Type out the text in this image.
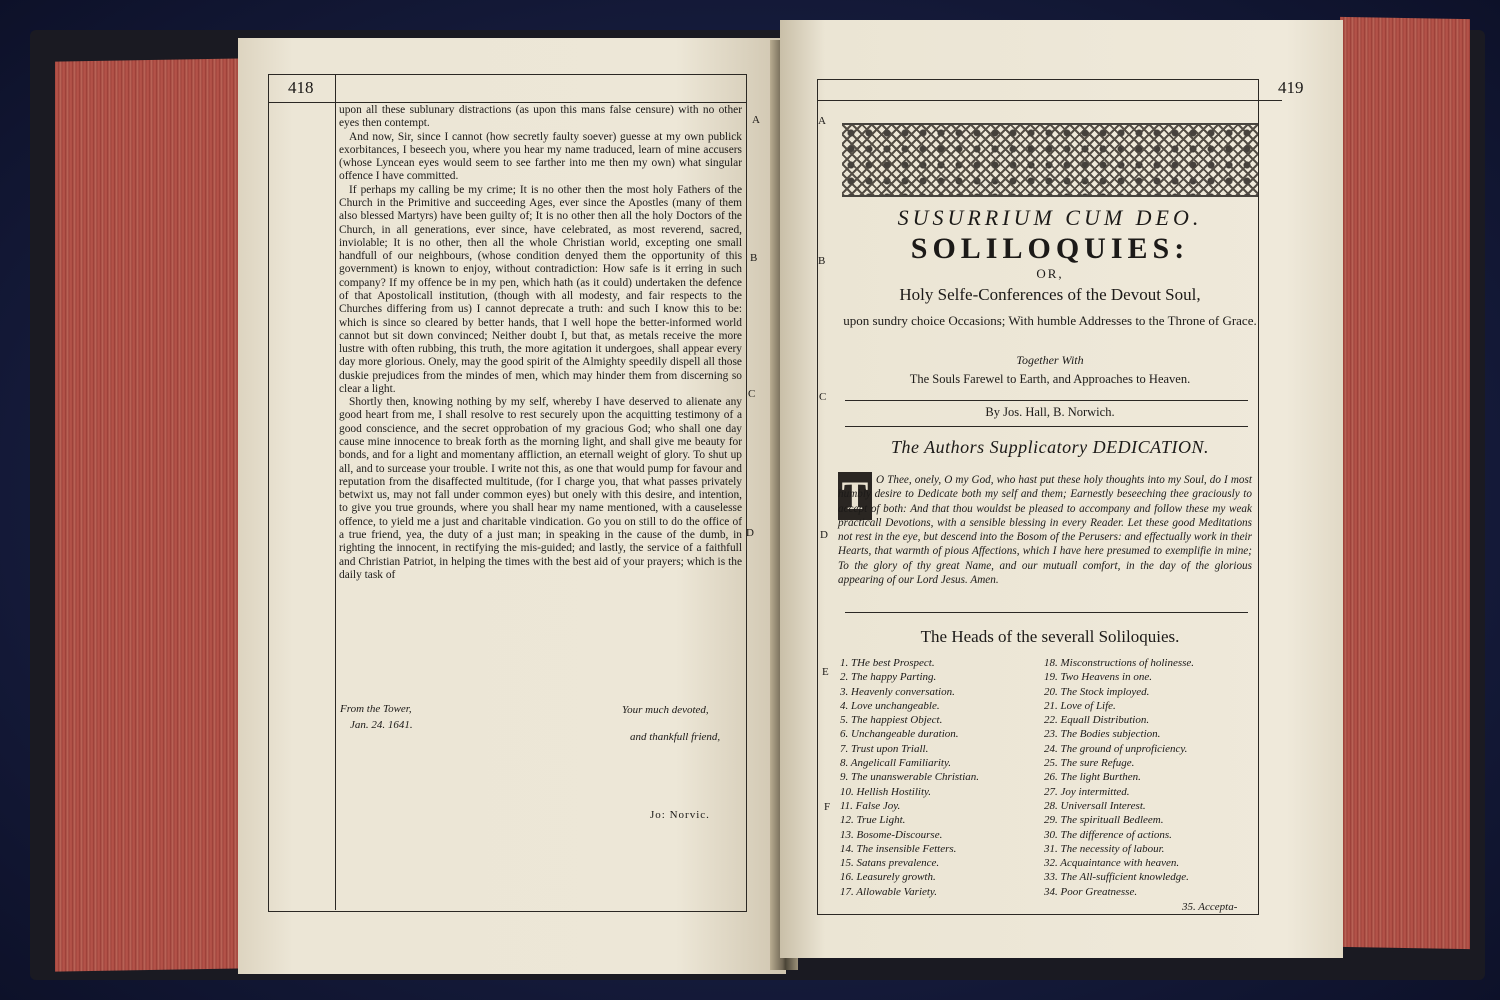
418
A
B
C
D

upon all these sublunary distractions (as upon this mans false censure) with no other eyes then contempt.

And now, Sir, since I cannot (how secretly faulty soever) guesse at my own publick exorbitances, I beseech you, where you hear my name traduced, learn of mine accusers (whose Lyncean eyes would seem to see farther into me then my own) what singular offence I have committed.

If perhaps my calling be my crime; It is no other then the most holy Fathers of the Church in the Primitive and succeeding Ages, ever since the Apostles (many of them also blessed Martyrs) have been guilty of; It is no other then all the holy Doctors of the Church, in all generations, ever since, have celebrated, as most reverend, sacred, inviolable; It is no other, then all the whole Christian world, excepting one small handfull of our neighbours, (whose condition denyed them the opportunity of this government) is known to enjoy, without contradiction: How safe is it erring in such company? If my offence be in my pen, which hath (as it could) undertaken the defence of that Apostolicall institution, (though with all modesty, and fair respects to the Churches differing from us) I cannot deprecate a truth: and such I know this to be: which is since so cleared by better hands, that I well hope the better-informed world cannot but sit down convinced; Neither doubt I, but that, as metals receive the more lustre with often rubbing, this truth, the more agitation it undergoes, shall appear every day more glorious. Onely, may the good spirit of the Almighty speedily dispell all those duskie prejudices from the mindes of men, which may hinder them from discerning so clear a light.

Shortly then, knowing nothing by my self, whereby I have deserved to alienate any good heart from me, I shall resolve to rest securely upon the acquitting testimony of a good conscience, and the secret opprobation of my gracious God; who shall one day cause mine innocence to break forth as the morning light, and shall give me beauty for bonds, and for a light and momentany affliction, an eternall weight of glory. To shut up all, and to surcease your trouble. I write not this, as one that would pump for favour and reputation from the disaffected multitude, (for I charge you, that what passes privately betwixt us, may not fall under common eyes) but onely with this desire, and intention, to give you true grounds, where you shall hear my name mentioned, with a causelesse offence, to yield me a just and charitable vindication. Go you on still to do the office of a true friend, yea, the duty of a just man; in speaking in the cause of the dumb, in righting the innocent, in rectifying the mis-guided; and lastly, the service of a faithfull and Christian Patriot, in helping the times with the best aid of your prayers; which is the daily task of

From the Tower,
Jan. 24. 1641.
Your much devoted,
and thankfull friend,
Jo: Norvic.
419
A
B
C
D
E
F
SUSURRIUM CUM DEO.
SOLILOQUIES:
OR,
Holy Selfe-Conferences of the Devout Soul,
upon sundry choice Occasions; With humble Addresses to the Throne of Grace.
Together With
The Souls Farewel to Earth, and Approaches to Heaven.
By Jos. Hall, B. Norwich.
The Authors Supplicatory DEDICATION.
T O Thee, onely, O my God, who hast put these holy thoughts into my Soul, do I most humbly desire to Dedicate both my self and them; Earnestly beseeching thee graciously to accept of both: And that thou wouldst be pleased to accompany and follow these my weak practicall Devotions, with a sensible blessing in every Reader. Let these good Meditations not rest in the eye, but descend into the Bosom of the Perusers: and effectually work in their Hearts, that warmth of pious Affections, which I have here presumed to exemplifie in mine; To the glory of thy great Name, and our mutuall comfort, in the day of the glorious appearing of our Lord Jesus. Amen.
The Heads of the severall Soliloquies.
1. THe best Prospect.
2. The happy Parting.
3. Heavenly conversation.
4. Love unchangeable.
5. The happiest Object.
6. Unchangeable duration.
7. Trust upon Triall.
8. Angelicall Familiarity.
9. The unanswerable Christian.
10. Hellish Hostility.
11. False Joy.
12. True Light.
13. Bosome-Discourse.
14. The insensible Fetters.
15. Satans prevalence.
16. Leasurely growth.
17. Allowable Variety.
18. Misconstructions of holinesse.
19. Two Heavens in one.
20. The Stock imployed.
21. Love of Life.
22. Equall Distribution.
23. The Bodies subjection.
24. The ground of unproficiency.
25. The sure Refuge.
26. The light Burthen.
27. Joy intermitted.
28. Universall Interest.
29. The spirituall Bedleem.
30. The difference of actions.
31. The necessity of labour.
32. Acquaintance with heaven.
33. The All-sufficient knowledge.
34. Poor Greatnesse.
35. Accepta-
